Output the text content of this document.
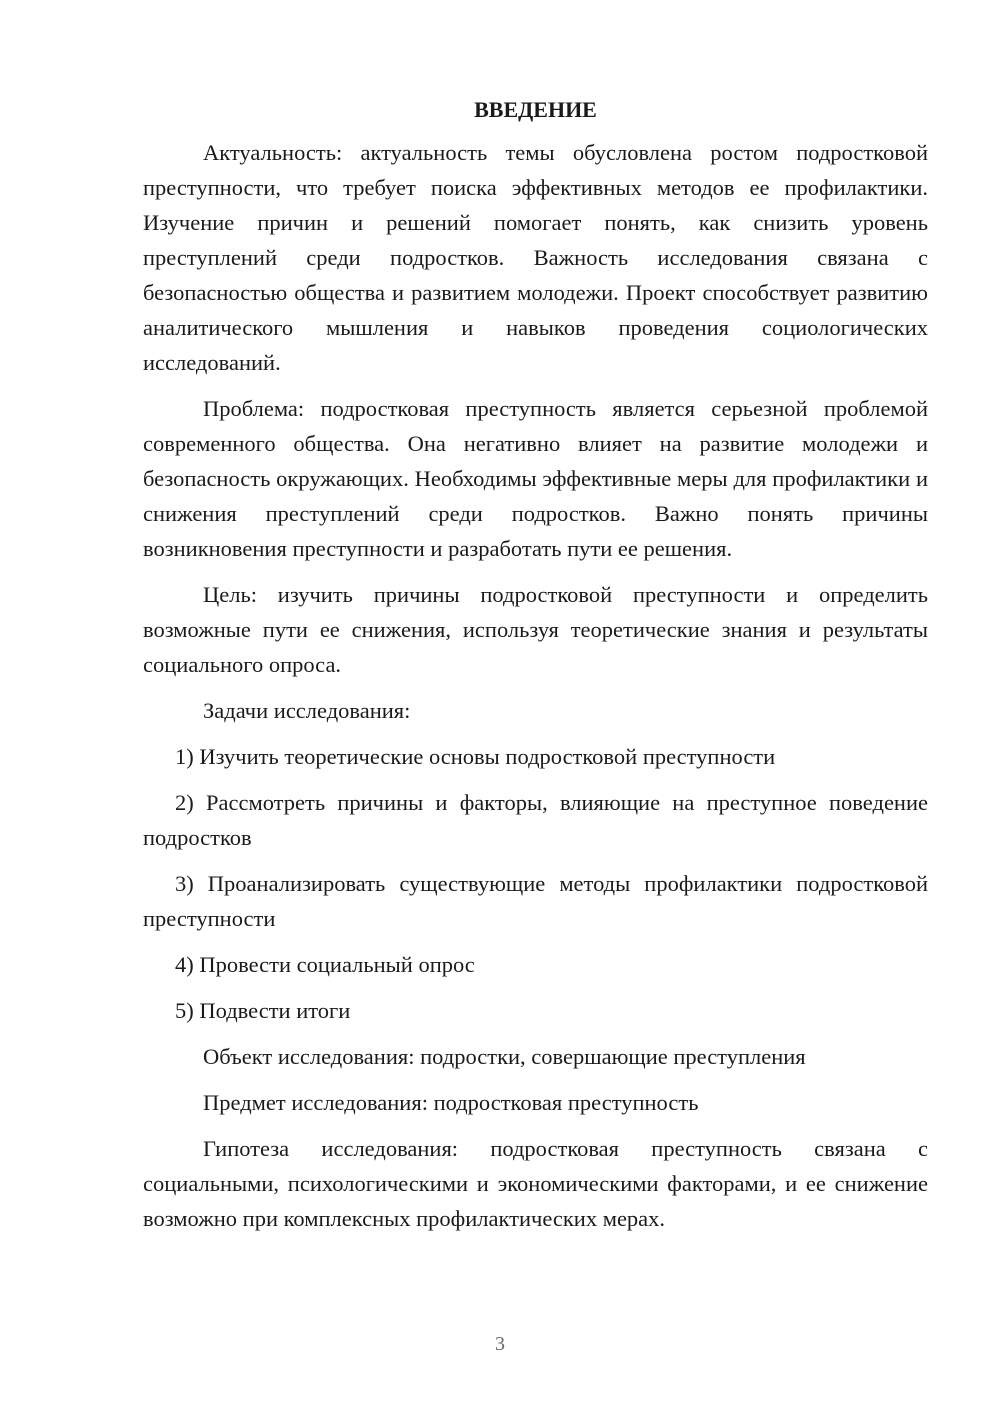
ВВЕДЕНИЕ

Актуальность: актуальность темы обусловлена ростом подростковой преступности, что требует поиска эффективных методов ее профилактики. Изучение причин и решений помогает понять, как снизить уровень преступлений среди подростков. Важность исследования связана с безопасностью общества и развитием молодежи. Проект способствует развитию аналитического мышления и навыков проведения социологических исследований.

Проблема: подростковая преступность является серьезной проблемой современного общества. Она негативно влияет на развитие молодежи и безопасность окружающих. Необходимы эффективные меры для профилактики и снижения преступлений среди подростков. Важно понять причины возникновения преступности и разработать пути ее решения.

Цель: изучить причины подростковой преступности и определить возможные пути ее снижения, используя теоретические знания и результаты социального опроса.

Задачи исследования:

1) Изучить теоретические основы подростковой преступности

2) Рассмотреть причины и факторы, влияющие на преступное поведение подростков

3) Проанализировать существующие методы профилактики подростковой преступности

4) Провести социальный опрос

5) Подвести итоги

Объект исследования: подростки, совершающие преступления

Предмет исследования: подростковая преступность

Гипотеза исследования: подростковая преступность связана с социальными, психологическими и экономическими факторами, и ее снижение возможно при комплексных профилактических мерах.

3
